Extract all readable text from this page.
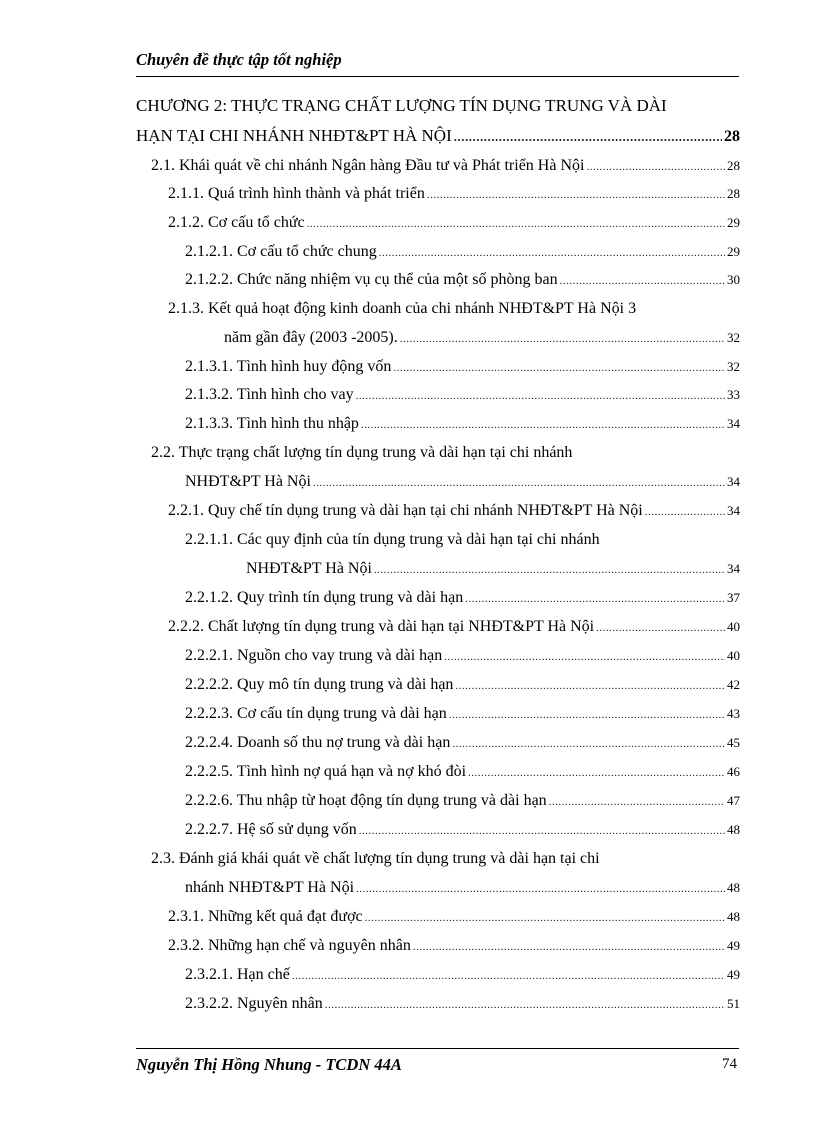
Chuyên đề thực tập tốt nghiệp
CHƯƠNG 2: THỰC TRẠNG CHẤT LƯỢNG TÍN DỤNG TRUNG VÀ DÀI
HẠN TẠI CHI NHÁNH NHĐT&PT HÀ NỘI .....	28
2.1. Khái quát về chi nhánh Ngân hàng Đầu tư và Phát triển Hà Nội .....	28
2.1.1. Quá trình hình thành và phát triển .....	28
2.1.2. Cơ cấu tổ chức .....	29
2.1.2.1. Cơ cấu tổ chức chung .....	29
2.1.2.2. Chức năng nhiệm vụ cụ thể của một số phòng ban .....	30
2.1.3. Kết quả hoạt động kinh doanh của chi nhánh NHĐT&PT Hà Nội 3
năm gần đây (2003 -2005). .....	32
2.1.3.1. Tình hình huy động vốn .....	32
2.1.3.2. Tình hình cho vay .....	33
2.1.3.3. Tình hình thu nhập .....	34
2.2. Thực trạng chất lượng tín dụng trung và dài hạn tại chi nhánh
NHĐT&PT Hà Nội .....	34
2.2.1. Quy chế tín dụng trung và dài hạn tại chi nhánh NHĐT&PT Hà Nội .....	34
2.2.1.1. Các quy định của tín dụng trung và dài hạn tại chi nhánh
NHĐT&PT Hà Nội .....	34
2.2.1.2. Quy trình tín dụng trung và dài hạn .....	37
2.2.2. Chất lượng tín dụng trung và dài hạn tại NHĐT&PT Hà Nội .....	40
2.2.2.1. Nguồn cho vay trung và dài hạn .....	40
2.2.2.2. Quy mô tín dụng trung và dài hạn .....	42
2.2.2.3. Cơ cấu tín dụng trung và dài hạn .....	43
2.2.2.4. Doanh số thu nợ trung và dài hạn .....	45
2.2.2.5. Tình hình nợ quá hạn và nợ khó đòi .....	46
2.2.2.6. Thu nhập từ hoạt động tín dụng trung và dài hạn .....	47
2.2.2.7. Hệ số sử dụng vốn .....	48
2.3. Đánh giá khái quát về chất lượng tín dụng trung và dài hạn tại chi
nhánh NHĐT&PT Hà Nội .....	48
2.3.1. Những kết quả đạt được .....	48
2.3.2. Những hạn chế và nguyên nhân .....	49
2.3.2.1. Hạn chế .....	49
2.3.2.2. Nguyên nhân .....	51
Nguyễn Thị Hồng Nhung - TCDN 44A	74
